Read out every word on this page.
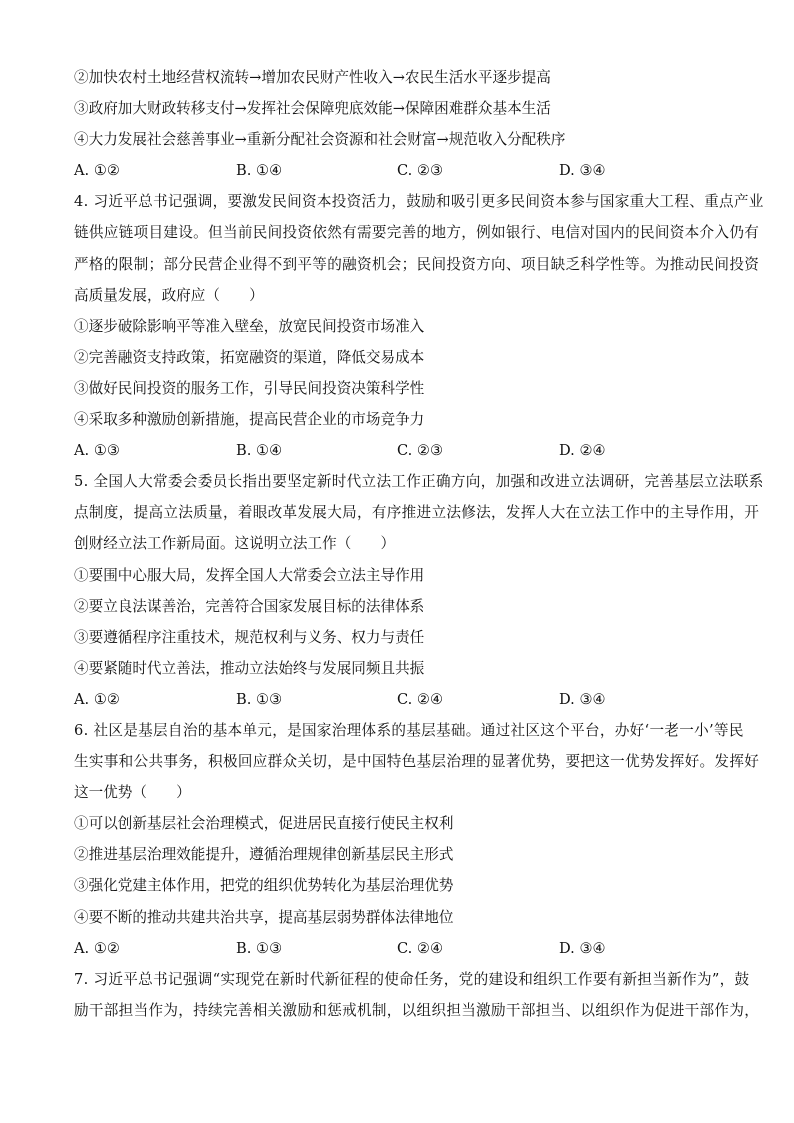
②加快农村土地经营权流转→增加农民财产性收入→农民生活水平逐步提高
③政府加大财政转移支付→发挥社会保障兜底效能→保障困难群众基本生活
④大力发展社会慈善事业→重新分配社会资源和社会财富→规范收入分配秩序
A. ①②	B. ①④	C. ②③	D. ③④
4. 习近平总书记强调，要激发民间资本投资活力，鼓励和吸引更多民间资本参与国家重大工程、重点产业
链供应链项目建设。但当前民间投资依然有需要完善的地方，例如银行、电信对国内的民间资本介入仍有
严格的限制；部分民营企业得不到平等的融资机会；民间投资方向、项目缺乏科学性等。为推动民间投资
高质量发展，政府应（　　）
①逐步破除影响平等准入壁垒，放宽民间投资市场准入
②完善融资支持政策，拓宽融资的渠道，降低交易成本
③做好民间投资的服务工作，引导民间投资决策科学性
④采取多种激励创新措施，提高民营企业的市场竞争力
A. ①③	B. ①④	C. ②③	D. ②④
5. 全国人大常委会委员长指出要坚定新时代立法工作正确方向，加强和改进立法调研，完善基层立法联系
点制度，提高立法质量，着眼改革发展大局，有序推进立法修法，发挥人大在立法工作中的主导作用，开
创财经立法工作新局面。这说明立法工作（　　）
①要围中心服大局，发挥全国人大常委会立法主导作用
②要立良法谋善治，完善符合国家发展目标的法律体系
③要遵循程序注重技术，规范权利与义务、权力与责任
④要紧随时代立善法，推动立法始终与发展同频且共振
A. ①②	B. ①③	C. ②④	D. ③④
6. 社区是基层自治的基本单元，是国家治理体系的基层基础。通过社区这个平台，办好‘一老一小’等民
生实事和公共事务，积极回应群众关切，是中国特色基层治理的显著优势，要把这一优势发挥好。发挥好
这一优势（　　）
①可以创新基层社会治理模式，促进居民直接行使民主权利
②推进基层治理效能提升，遵循治理规律创新基层民主形式
③强化党建主体作用，把党的组织优势转化为基层治理优势
④要不断的推动共建共治共享，提高基层弱势群体法律地位
A. ①②	B. ①③	C. ②④	D. ③④
7. 习近平总书记强调“实现党在新时代新征程的使命任务，党的建设和组织工作要有新担当新作为”，鼓
励干部担当作为，持续完善相关激励和惩戒机制，以组织担当激励干部担当、以组织作为促进干部作为，
